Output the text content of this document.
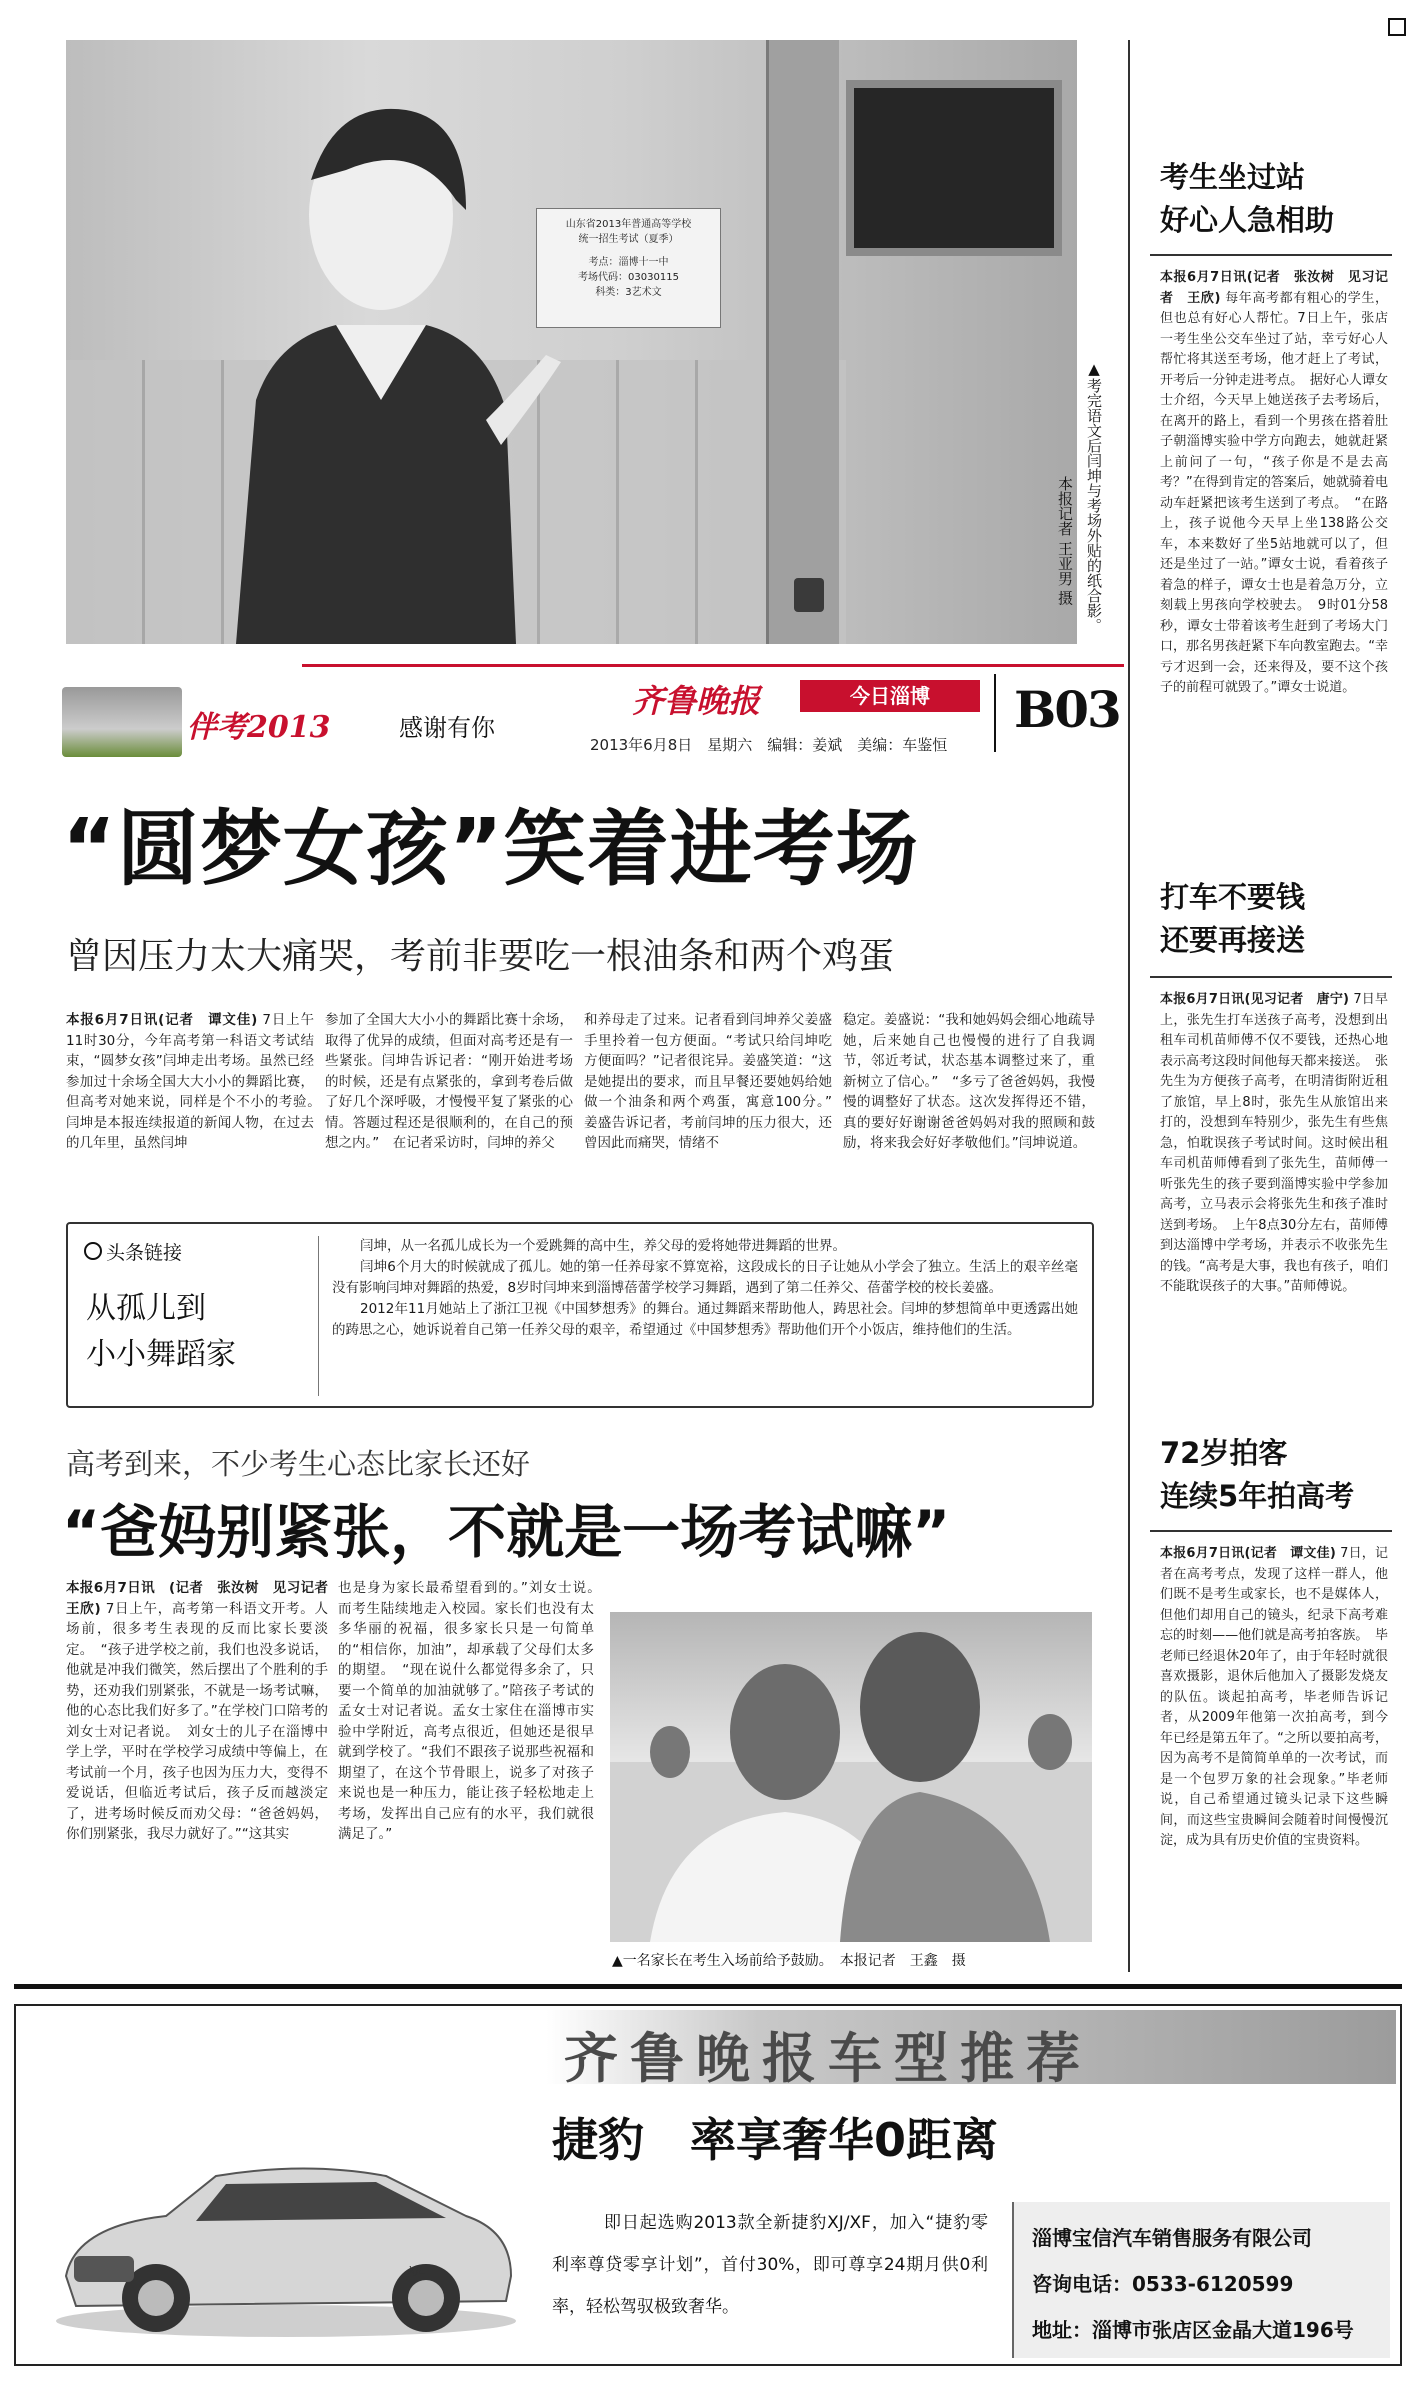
山东省2013年普通高等学校
统一招生考试（夏季）
考点：淄博十一中
考场代码：03030115
科类：3艺术文
▲考完语文后闫坤与考场外贴的纸合影。
本报记者 王亚男 摄
伴考2013	感谢有你
齐鲁晚报	今日淄博
2013年6月8日　星期六　编辑：姜斌　美编：车鉴恒
B03
“圆梦女孩”笑着进考场
曾因压力太大痛哭，考前非要吃一根油条和两个鸡蛋
本报6月7日讯(记者　谭文佳) 7日上午11时30分，今年高考第一科语文考试结束，“圆梦女孩”闫坤走出考场。虽然已经参加过十余场全国大大小小的舞蹈比赛，但高考对她来说，同样是个不小的考验。　闫坤是本报连续报道的新闻人物，在过去的几年里，虽然闫坤
参加了全国大大小小的舞蹈比赛十余场，取得了优异的成绩，但面对高考还是有一些紧张。闫坤告诉记者：“刚开始进考场的时候，还是有点紧张的，拿到考卷后做了好几个深呼吸，才慢慢平复了紧张的心情。答题过程还是很顺利的，在自己的预想之内。”　在记者采访时，闫坤的养父
和养母走了过来。记者看到闫坤养父姜盛手里拎着一包方便面。“考试只给闫坤吃方便面吗？”记者很诧异。姜盛笑道：“这是她提出的要求，而且早餐还要她妈给她做一个油条和两个鸡蛋，寓意100分。”　姜盛告诉记者，考前闫坤的压力很大，还曾因此而痛哭，情绪不
稳定。姜盛说：“我和她妈妈会细心地疏导她，后来她自己也慢慢的进行了自我调节，邻近考试，状态基本调整过来了，重新树立了信心。”　“多亏了爸爸妈妈，我慢慢的调整好了状态。这次发挥得还不错，真的要好好谢谢爸爸妈妈对我的照顾和鼓励，将来我会好好孝敬他们。”闫坤说道。
头条链接
从孤儿到
小小舞蹈家
闫坤，从一名孤儿成长为一个爱跳舞的高中生，养父母的爱将她带进舞蹈的世界。
闫坤6个月大的时候就成了孤儿。她的第一任养母家不算宽裕，这段成长的日子让她从小学会了独立。生活上的艰辛丝毫没有影响闫坤对舞蹈的热爱，8岁时闫坤来到淄博蓓蕾学校学习舞蹈，遇到了第二任养父、蓓蕾学校的校长姜盛。
2012年11月她站上了浙江卫视《中国梦想秀》的舞台。通过舞蹈来帮助他人，踌思社会。闫坤的梦想简单中更透露出她的踌思之心，她诉说着自己第一任养父母的艰辛，希望通过《中国梦想秀》帮助他们开个小饭店，维持他们的生活。
高考到来，不少考生心态比家长还好
“爸妈别紧张，不就是一场考试嘛”
本报6月7日讯　(记者　张汝树　见习记者　王欣) 7日上午，高考第一科语文开考。人场前，很多考生表现的反而比家长要淡定。　“孩子进学校之前，我们也没多说话，他就是冲我们微笑，然后摆出了个胜利的手势，还劝我们别紧张，不就是一场考试嘛，他的心态比我们好多了。”在学校门口陪考的刘女士对记者说。　刘女士的儿子在淄博中学上学，平时在学校学习成绩中等偏上，在考试前一个月，孩子也因为压力大，变得不爱说话，但临近考试后，孩子反而越淡定了，进考场时候反而劝父母：“爸爸妈妈，你们别紧张，我尽力就好了。”“这其实
也是身为家长最希望看到的。”刘女士说。　而考生陆续地走入校园。家长们也没有太多华丽的祝福，很多家长只是一句简单的“相信你，加油”，却承载了父母们太多的期望。　“现在说什么都觉得多余了，只要一个简单的加油就够了。”陪孩子考试的孟女士对记者说。孟女士家住在淄博市实验中学附近，高考点很近，但她还是很早就到学校了。“我们不跟孩子说那些祝福和期望了，在这个节骨眼上，说多了对孩子来说也是一种压力，能让孩子轻松地走上考场，发挥出自己应有的水平，我们就很满足了。”
▲一名家长在考生入场前给予鼓励。　本报记者　王鑫　摄
考生坐过站
好心人急相助
本报6月7日讯(记者　张汝树　见习记者　王欣) 每年高考都有粗心的学生，但也总有好心人帮忙。7日上午，张店一考生坐公交车坐过了站，幸亏好心人帮忙将其送至考场，他才赶上了考试，开考后一分钟走进考点。　据好心人谭女士介绍，今天早上她送孩子去考场后，在离开的路上，看到一个男孩在搭着肚子朝淄博实验中学方向跑去，她就赶紧上前问了一句，“孩子你是不是去高考？”在得到肯定的答案后，她就骑着电动车赶紧把该考生送到了考点。　“在路上，孩子说他今天早上坐138路公交车，本来数好了坐5站地就可以了，但还是坐过了一站。”谭女士说，看着孩子着急的样子，谭女士也是着急万分，立刻载上男孩向学校驶去。　9时01分58秒，谭女士带着该考生赶到了考场大门口，那名男孩赶紧下车向教室跑去。“幸亏才迟到一会，还来得及，要不这个孩子的前程可就毁了。”谭女士说道。
打车不要钱
还要再接送
本报6月7日讯(见习记者　唐宁) 7日早上，张先生打车送孩子高考，没想到出租车司机苗师傅不仅不要钱，还热心地表示高考这段时间他每天都来接送。　张先生为方便孩子高考，在明清街附近租了旅馆，早上8时，张先生从旅馆出来打的，没想到车特别少，张先生有些焦急，怕耽误孩子考试时间。这时候出租车司机苗师傅看到了张先生，苗师傅一听张先生的孩子要到淄博实验中学参加高考，立马表示会将张先生和孩子准时送到考场。　上午8点30分左右，苗师傅到达淄博中学考场，并表示不收张先生的钱。“高考是大事，我也有孩子，咱们不能耽误孩子的大事。”苗师傅说。
72岁拍客
连续5年拍高考
本报6月7日讯(记者　谭文佳) 7日，记者在高考考点，发现了这样一群人，他们既不是考生或家长，也不是媒体人，但他们却用自己的镜头，纪录下高考难忘的时刻——他们就是高考拍客族。　毕老师已经退休20年了，由于年轻时就很喜欢摄影，退休后他加入了摄影发烧友的队伍。谈起拍高考，毕老师告诉记者，从2009年他第一次拍高考，到今年已经是第五年了。“之所以要拍高考，因为高考不是简简单单的一次考试，而是一个包罗万象的社会现象。”毕老师说，自己希望通过镜头记录下这些瞬间，而这些宝贵瞬间会随着时间慢慢沉淀，成为具有历史价值的宝贵资料。
齐鲁晚报车型推荐
捷豹　率享奢华0距离
XJL
即日起选购2013款全新捷豹XJ/XF，加入“捷豹零利率尊贷零享计划”，首付30%，即可尊享24期月供0利率，轻松驾驭极致奢华。
淄博宝信汽车销售服务有限公司
咨询电话：0533-6120599
地址：淄博市张店区金晶大道196号
